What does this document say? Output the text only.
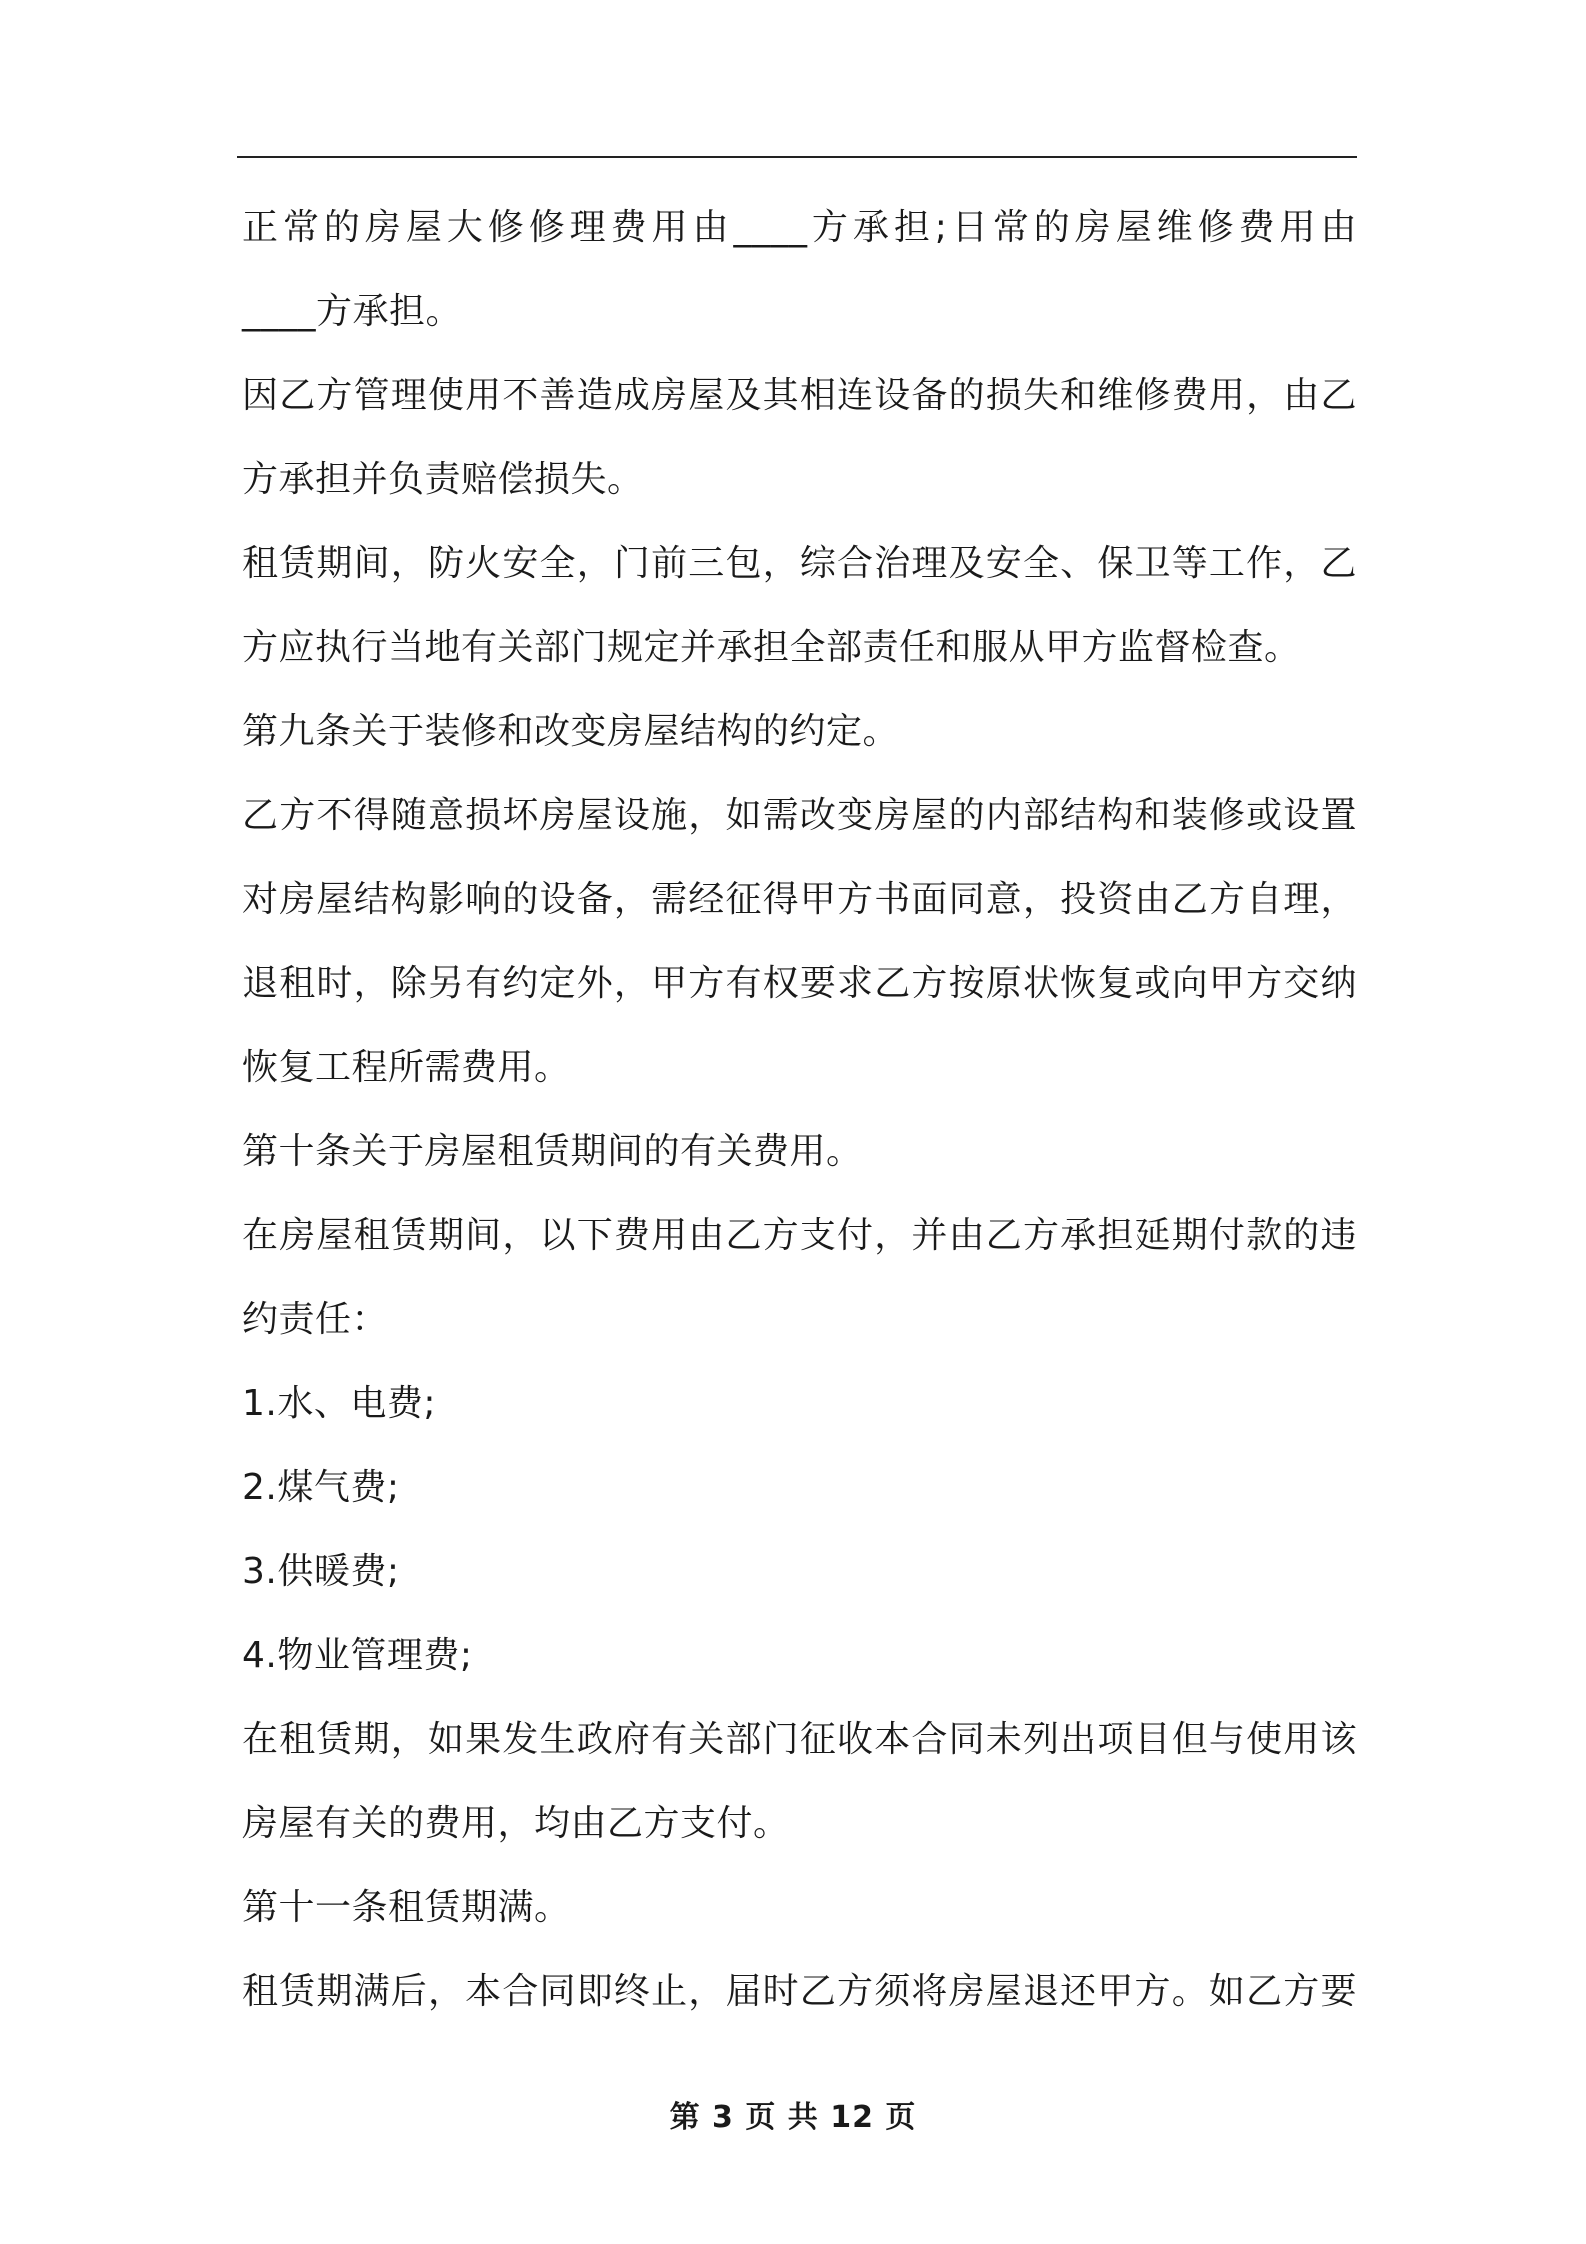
正常的房屋大修修理费用由____方承担;日常的房屋维修费用由
____方承担。
因乙方管理使用不善造成房屋及其相连设备的损失和维修费用，由乙
方承担并负责赔偿损失。
租赁期间，防火安全，门前三包，综合治理及安全、保卫等工作，乙
方应执行当地有关部门规定并承担全部责任和服从甲方监督检查。
第九条关于装修和改变房屋结构的约定。
乙方不得随意损坏房屋设施，如需改变房屋的内部结构和装修或设置
对房屋结构影响的设备，需经征得甲方书面同意，投资由乙方自理，
退租时，除另有约定外，甲方有权要求乙方按原状恢复或向甲方交纳
恢复工程所需费用。
第十条关于房屋租赁期间的有关费用。
在房屋租赁期间，以下费用由乙方支付，并由乙方承担延期付款的违
约责任：
1.水、电费;
2.煤气费;
3.供暖费;
4.物业管理费;
在租赁期，如果发生政府有关部门征收本合同未列出项目但与使用该
房屋有关的费用，均由乙方支付。
第十一条租赁期满。
租赁期满后，本合同即终止，届时乙方须将房屋退还甲方。如乙方要
第 3 页 共 12 页
